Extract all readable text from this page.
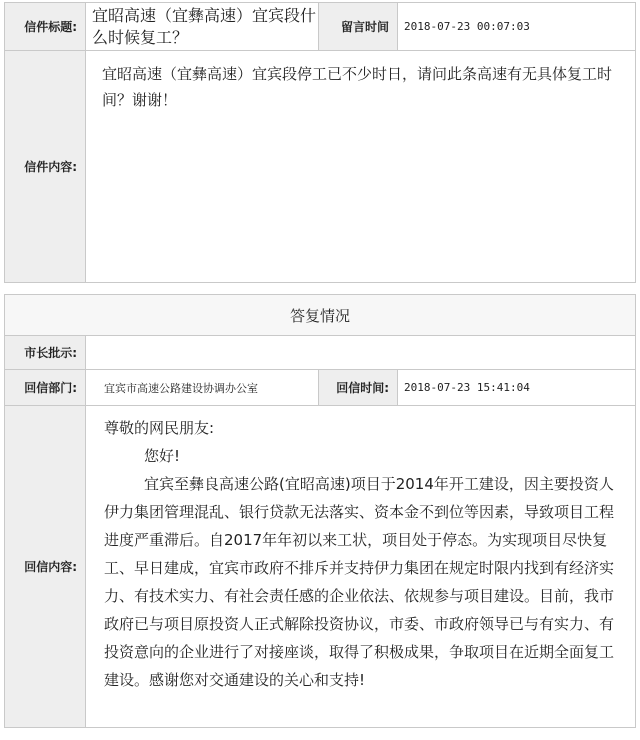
信件标题:	宜昭高速（宜彝高速）宜宾段什么时候复工？	留言时间	2018-07-23 00:07:03
信件内容:	宜昭高速（宜彝高速）宜宾段停工已不少时日，请问此条高速有无具体复工时间？谢谢！		
答复情况			
市长批示:			
回信部门:	宜宾市高速公路建设协调办公室	回信时间:	2018-07-23 15:41:04
回信内容:	尊敬的网民朋友:

您好!

宜宾至彝良高速公路(宜昭高速)项目于2014年开工建设，因主要投资人伊力集团管理混乱、银行贷款无法落实、资本金不到位等因素，导致项目工程进度严重滞后。自2017年年初以来工状，项目处于停态。为实现项目尽快复工、早日建成，宜宾市政府不排斥并支持伊力集团在规定时限内找到有经济实力、有技术实力、有社会责任感的企业依法、依规参与项目建设。目前，我市政府已与项目原投资人正式解除投资协议，市委、市政府领导已与有实力、有投资意向的企业进行了对接座谈，取得了积极成果，争取项目在近期全面复工建设。感谢您对交通建设的关心和支持!		
